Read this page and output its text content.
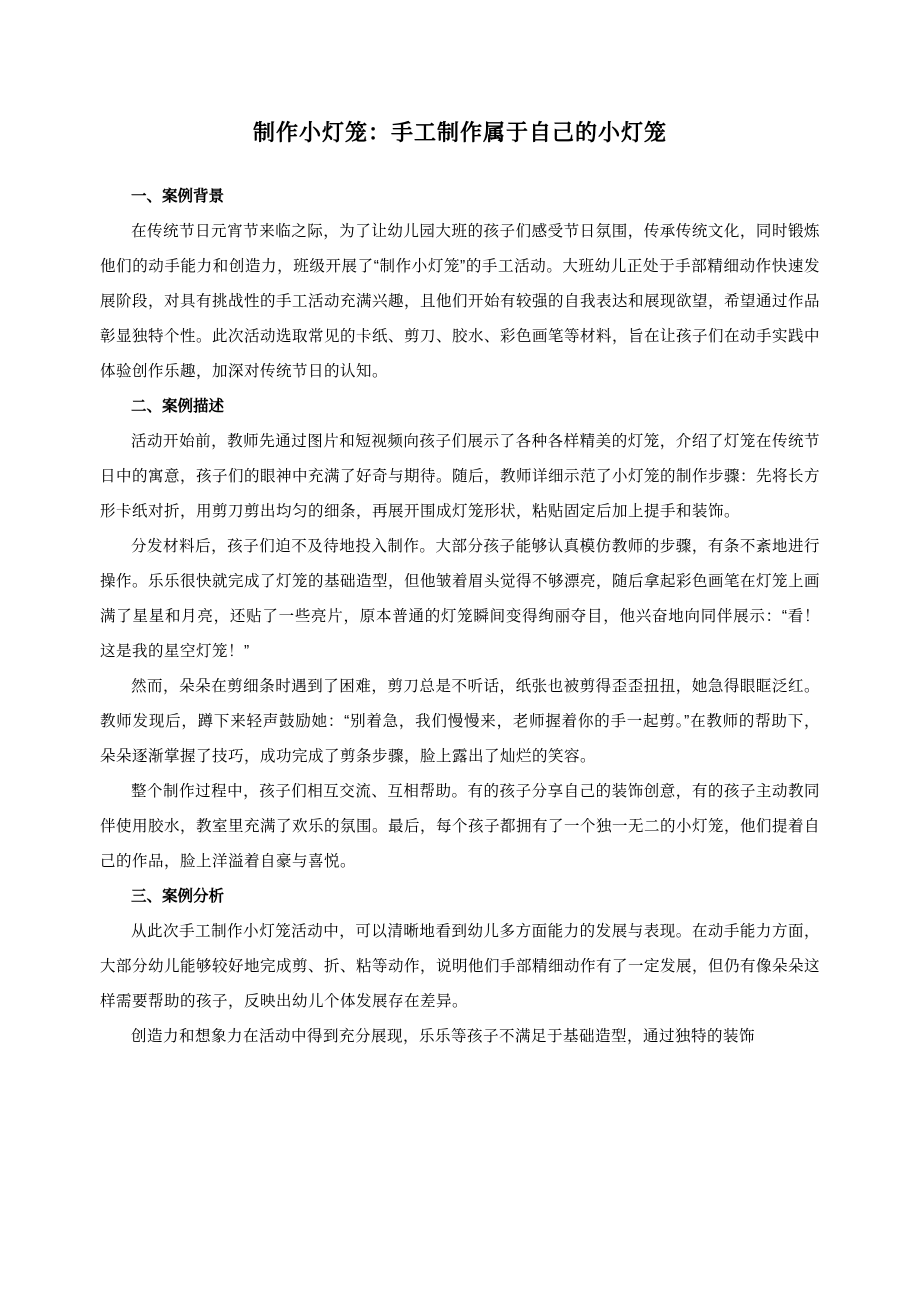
制作小灯笼：手工制作属于自己的小灯笼
一、案例背景

在传统节日元宵节来临之际，为了让幼儿园大班的孩子们感受节日氛围，传承传统文化，同时锻炼他们的动手能力和创造力，班级开展了“制作小灯笼”的手工活动。大班幼儿正处于手部精细动作快速发展阶段，对具有挑战性的手工活动充满兴趣，且他们开始有较强的自我表达和展现欲望，希望通过作品彰显独特个性。此次活动选取常见的卡纸、剪刀、胶水、彩色画笔等材料，旨在让孩子们在动手实践中体验创作乐趣，加深对传统节日的认知。

二、案例描述

活动开始前，教师先通过图片和短视频向孩子们展示了各种各样精美的灯笼，介绍了灯笼在传统节日中的寓意，孩子们的眼神中充满了好奇与期待。随后，教师详细示范了小灯笼的制作步骤：先将长方形卡纸对折，用剪刀剪出均匀的细条，再展开围成灯笼形状，粘贴固定后加上提手和装饰。

分发材料后，孩子们迫不及待地投入制作。大部分孩子能够认真模仿教师的步骤，有条不紊地进行操作。乐乐很快就完成了灯笼的基础造型，但他皱着眉头觉得不够漂亮，随后拿起彩色画笔在灯笼上画满了星星和月亮，还贴了一些亮片，原本普通的灯笼瞬间变得绚丽夺目，他兴奋地向同伴展示：“看！这是我的星空灯笼！”

然而，朵朵在剪细条时遇到了困难，剪刀总是不听话，纸张也被剪得歪歪扭扭，她急得眼眶泛红。教师发现后，蹲下来轻声鼓励她：“别着急，我们慢慢来，老师握着你的手一起剪。”在教师的帮助下，朵朵逐渐掌握了技巧，成功完成了剪条步骤，脸上露出了灿烂的笑容。

整个制作过程中，孩子们相互交流、互相帮助。有的孩子分享自己的装饰创意，有的孩子主动教同伴使用胶水，教室里充满了欢乐的氛围。最后，每个孩子都拥有了一个独一无二的小灯笼，他们提着自己的作品，脸上洋溢着自豪与喜悦。

三、案例分析

从此次手工制作小灯笼活动中，可以清晰地看到幼儿多方面能力的发展与表现。在动手能力方面，大部分幼儿能够较好地完成剪、折、粘等动作，说明他们手部精细动作有了一定发展，但仍有像朵朵这样需要帮助的孩子，反映出幼儿个体发展存在差异。

创造力和想象力在活动中得到充分展现，乐乐等孩子不满足于基础造型，通过独特的装饰
